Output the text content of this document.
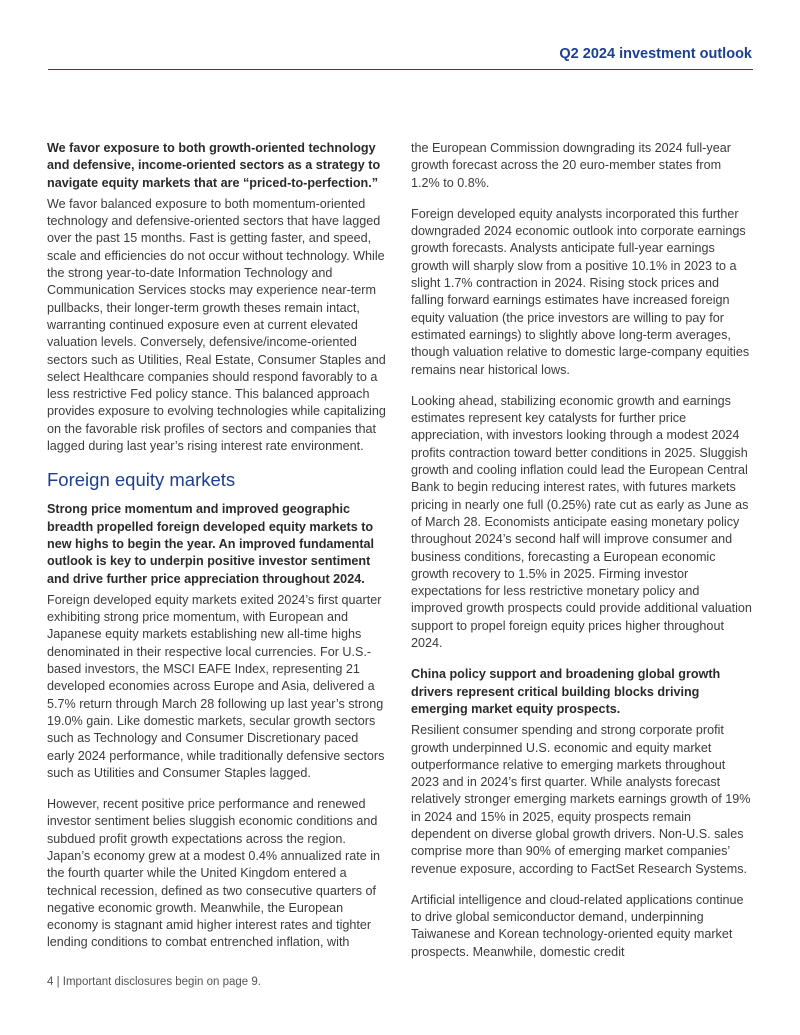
Q2 2024 investment outlook

We favor exposure to both growth-oriented technology and defensive, income-oriented sectors as a strategy to navigate equity markets that are “priced-to-perfection.”

We favor balanced exposure to both momentum-oriented technology and defensive-oriented sectors that have lagged over the past 15 months. Fast is getting faster, and speed, scale and efficiencies do not occur without technology. While the strong year-to-date Information Technology and Communication Services stocks may experience near-term pullbacks, their longer-term growth theses remain intact, warranting continued exposure even at current elevated valuation levels. Conversely, defensive/income-oriented sectors such as Utilities, Real Estate, Consumer Staples and select Healthcare companies should respond favorably to a less restrictive Fed policy stance. This balanced approach provides exposure to evolving technologies while capitalizing on the favorable risk profiles of sectors and companies that lagged during last year’s rising interest rate environment.

Foreign equity markets

Strong price momentum and improved geographic breadth propelled foreign developed equity markets to new highs to begin the year. An improved fundamental outlook is key to underpin positive investor sentiment and drive further price appreciation throughout 2024.

Foreign developed equity markets exited 2024’s first quarter exhibiting strong price momentum, with European and Japanese equity markets establishing new all-time highs denominated in their respective local currencies. For U.S.-based investors, the MSCI EAFE Index, representing 21 developed economies across Europe and Asia, delivered a 5.7% return through March 28 following up last year’s strong 19.0% gain. Like domestic markets, secular growth sectors such as Technology and Consumer Discretionary paced early 2024 performance, while traditionally defensive sectors such as Utilities and Consumer Staples lagged.

However, recent positive price performance and renewed investor sentiment belies sluggish economic conditions and subdued profit growth expectations across the region. Japan’s economy grew at a modest 0.4% annualized rate in the fourth quarter while the United Kingdom entered a technical recession, defined as two consecutive quarters of negative economic growth. Meanwhile, the European economy is stagnant amid higher interest rates and tighter lending conditions to combat entrenched inflation, with

the European Commission downgrading its 2024 full-year growth forecast across the 20 euro-member states from 1.2% to 0.8%.

Foreign developed equity analysts incorporated this further downgraded 2024 economic outlook into corporate earnings growth forecasts. Analysts anticipate full-year earnings growth will sharply slow from a positive 10.1% in 2023 to a slight 1.7% contraction in 2024. Rising stock prices and falling forward earnings estimates have increased foreign equity valuation (the price investors are willing to pay for estimated earnings) to slightly above long-term averages, though valuation relative to domestic large-company equities remains near historical lows.

Looking ahead, stabilizing economic growth and earnings estimates represent key catalysts for further price appreciation, with investors looking through a modest 2024 profits contraction toward better conditions in 2025. Sluggish growth and cooling inflation could lead the European Central Bank to begin reducing interest rates, with futures markets pricing in nearly one full (0.25%) rate cut as early as June as of March 28. Economists anticipate easing monetary policy throughout 2024’s second half will improve consumer and business conditions, forecasting a European economic growth recovery to 1.5% in 2025. Firming investor expectations for less restrictive monetary policy and improved growth prospects could provide additional valuation support to propel foreign equity prices higher throughout 2024.

China policy support and broadening global growth drivers represent critical building blocks driving emerging market equity prospects.

Resilient consumer spending and strong corporate profit growth underpinned U.S. economic and equity market outperformance relative to emerging markets throughout 2023 and in 2024’s first quarter. While analysts forecast relatively stronger emerging markets earnings growth of 19% in 2024 and 15% in 2025, equity prospects remain dependent on diverse global growth drivers. Non-U.S. sales comprise more than 90% of emerging market companies’ revenue exposure, according to FactSet Research Systems.

Artificial intelligence and cloud-related applications continue to drive global semiconductor demand, underpinning Taiwanese and Korean technology-oriented equity market prospects. Meanwhile, domestic credit

4 | Important disclosures begin on page 9.
